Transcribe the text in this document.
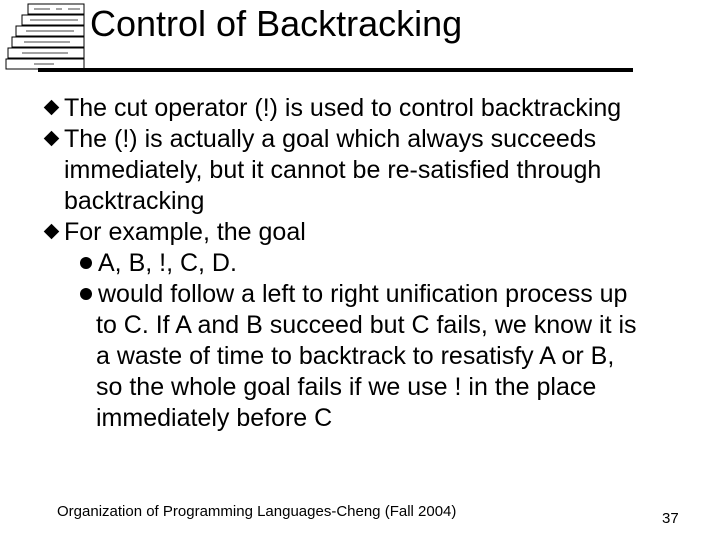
Control of Backtracking
The cut operator (!) is used to control backtracking
The (!) is actually a goal which always succeeds
immediately, but it cannot be re-satisfied through
backtracking
For example, the goal
A, B, !, C, D.
would follow a left to right unification process up
to C. If A and B succeed but C fails, we know it is
a waste of time to backtrack to resatisfy A or B,
so the whole goal fails if we use ! in the place
immediately before C
Organization of Programming Languages-Cheng (Fall 2004)	37
